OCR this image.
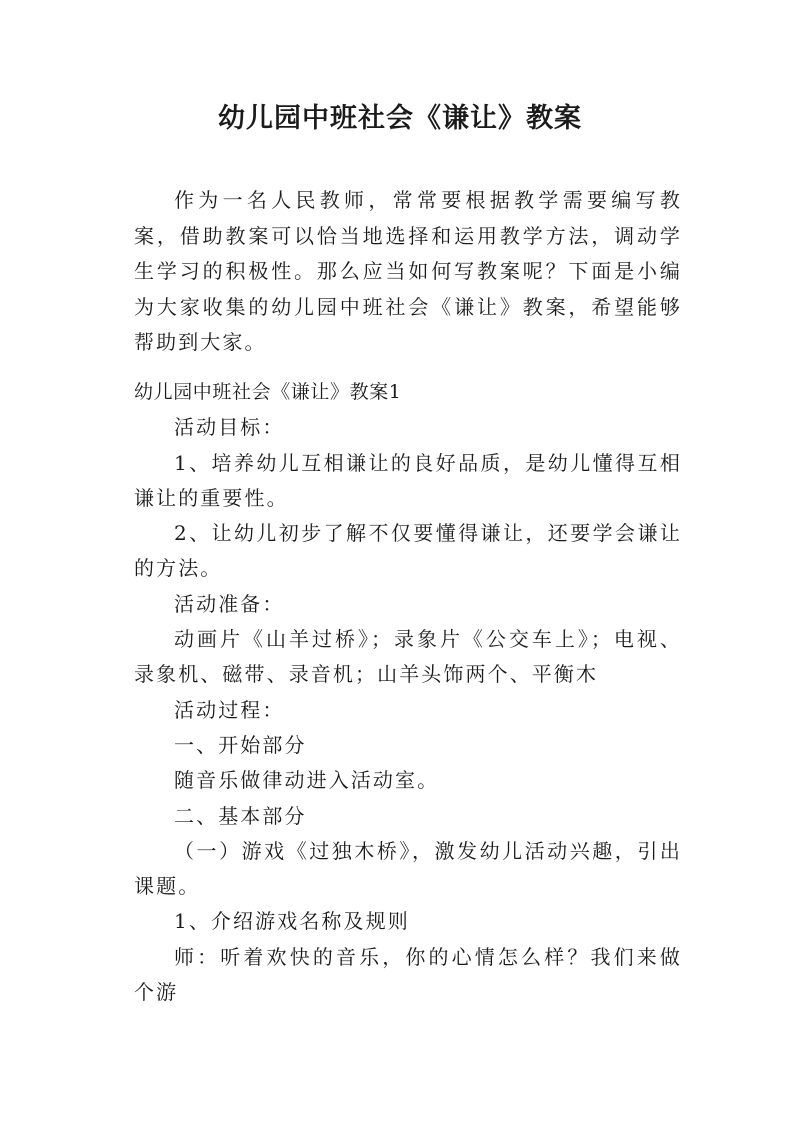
幼儿园中班社会《谦让》教案

作为一名人民教师，常常要根据教学需要编写教案，借助教案可以恰当地选择和运用教学方法，调动学生学习的积极性。那么应当如何写教案呢？下面是小编为大家收集的幼儿园中班社会《谦让》教案，希望能够帮助到大家。

幼儿园中班社会《谦让》教案1

活动目标：

1、培养幼儿互相谦让的良好品质，是幼儿懂得互相谦让的重要性。

2、让幼儿初步了解不仅要懂得谦让，还要学会谦让的方法。

活动准备：

动画片《山羊过桥》；录象片《公交车上》；电视、录象机、磁带、录音机；山羊头饰两个、平衡木

活动过程：

一、开始部分

随音乐做律动进入活动室。

二、基本部分

（一）游戏《过独木桥》，激发幼儿活动兴趣，引出课题。

1、介绍游戏名称及规则

师：听着欢快的音乐，你的心情怎么样？我们来做个游
